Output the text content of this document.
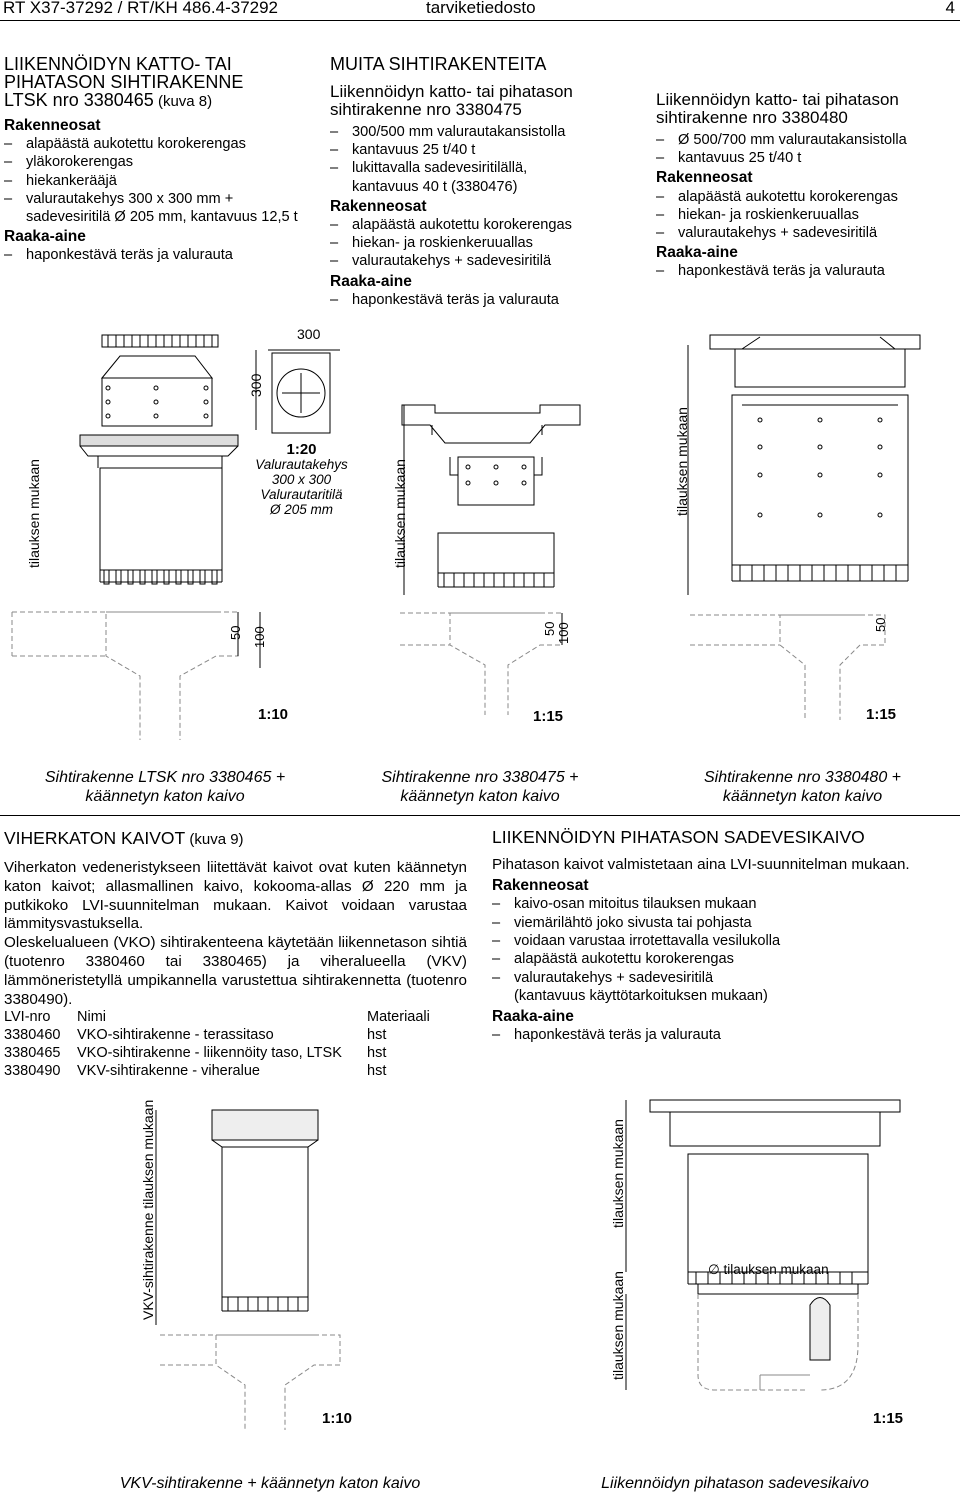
RT X37-37292 / RT/KH 486.4-37292	tarviketiedosto	4
LIIKENNÖIDYN KATTO- TAI
PIHATASON SIHTIRAKENNE
LTSK nro 3380465 (kuva 8)
Rakenneosat
– alapäästä aukotettu korokerengas
– yläkorokerengas
– hiekankerääjä
– valurautakehys 300 x 300 mm +
sadevesiritilä Ø 205 mm, kantavuus 12,5 t
Raaka-aine
– haponkestävä teräs ja valurauta
MUITA SIHTIRAKENTEITA
Liikennöidyn katto- tai pihatason
sihtirakenne nro 3380475
– 300/500 mm valurautakansistolla
– kantavuus 25 t/40 t
– lukittavalla sadevesiritilällä,
kantavuus 40 t (3380476)
Rakenneosat
– alapäästä aukotettu korokerengas
– hiekan- ja roskienkeruuallas
– valurautakehys + sadevesiritilä
Raaka-aine
– haponkestävä teräs ja valurauta
Liikennöidyn katto- tai pihatason
sihtirakenne nro 3380480
– Ø 500/700 mm valurautakansistolla
– kantavuus 25 t/40 t
Rakenneosat
– alapäästä aukotettu korokerengas
– hiekan- ja roskienkeruuallas
– valurautakehys + sadevesiritilä
Raaka-aine
– haponkestävä teräs ja valurauta
300
300
1:20
Valurautakehys
300 x 300
Valurautaritilä
Ø 205 mm
tilauksen mukaan
50 100
1:10
Sihtirakenne LTSK nro 3380465 +
käännetyn katon kaivo
tilauksen mukaan
50 100
1:15
Sihtirakenne nro 3380475 +
käännetyn katon kaivo
tilauksen mukaan
50
1:15
Sihtirakenne nro 3380480 +
käännetyn katon kaivo
VIHERKATON KAIVOT (kuva 9)
Viherkaton vedeneristykseen liitettävät kaivot ovat kuten käännetyn katon kaivot; allasmallinen kaivo, kokooma-allas Ø 220 mm ja putkikoko LVI-suunnitelman mukaan. Kaivot voidaan varustaa lämmitysvastuksella.
Oleskelualueen (VKO) sihtirakenteena käytetään liikennetason sihtiä (tuotenro 3380460 tai 3380465) ja viheralueella (VKV) lämmöneristetyllä umpikannella varustettua sihtirakennetta (tuotenro 3380490).
LVI-nro	Nimi	Materiaali
3380460	VKO-sihtirakenne - terassitaso	hst
3380465	VKO-sihtirakenne - liikennöity taso, LTSK	hst
3380490	VKV-sihtirakenne - viheralue	hst
LIIKENNÖIDYN PIHATASON SADEVESIKAIVO
Pihatason kaivot valmistetaan aina LVI-suunnitelman mukaan.
Rakenneosat
– kaivo-osan mitoitus tilauksen mukaan
– viemärilähtö joko sivusta tai pohjasta
– voidaan varustaa irrotettavalla vesilukolla
– alapäästä aukotettu korokerengas
– valurautakehys + sadevesiritilä
(kantavuus käyttötarkoituksen mukaan)
Raaka-aine
– haponkestävä teräs ja valurauta
VKV-sihtirakenne tilauksen mukaan
1:10
VKV-sihtirakenne + käännetyn katon kaivo
tilauksen mukaan
tilauksen mukaan
∅ tilauksen mukaan
1:15
Liikennöidyn pihatason sadevesikaivo
